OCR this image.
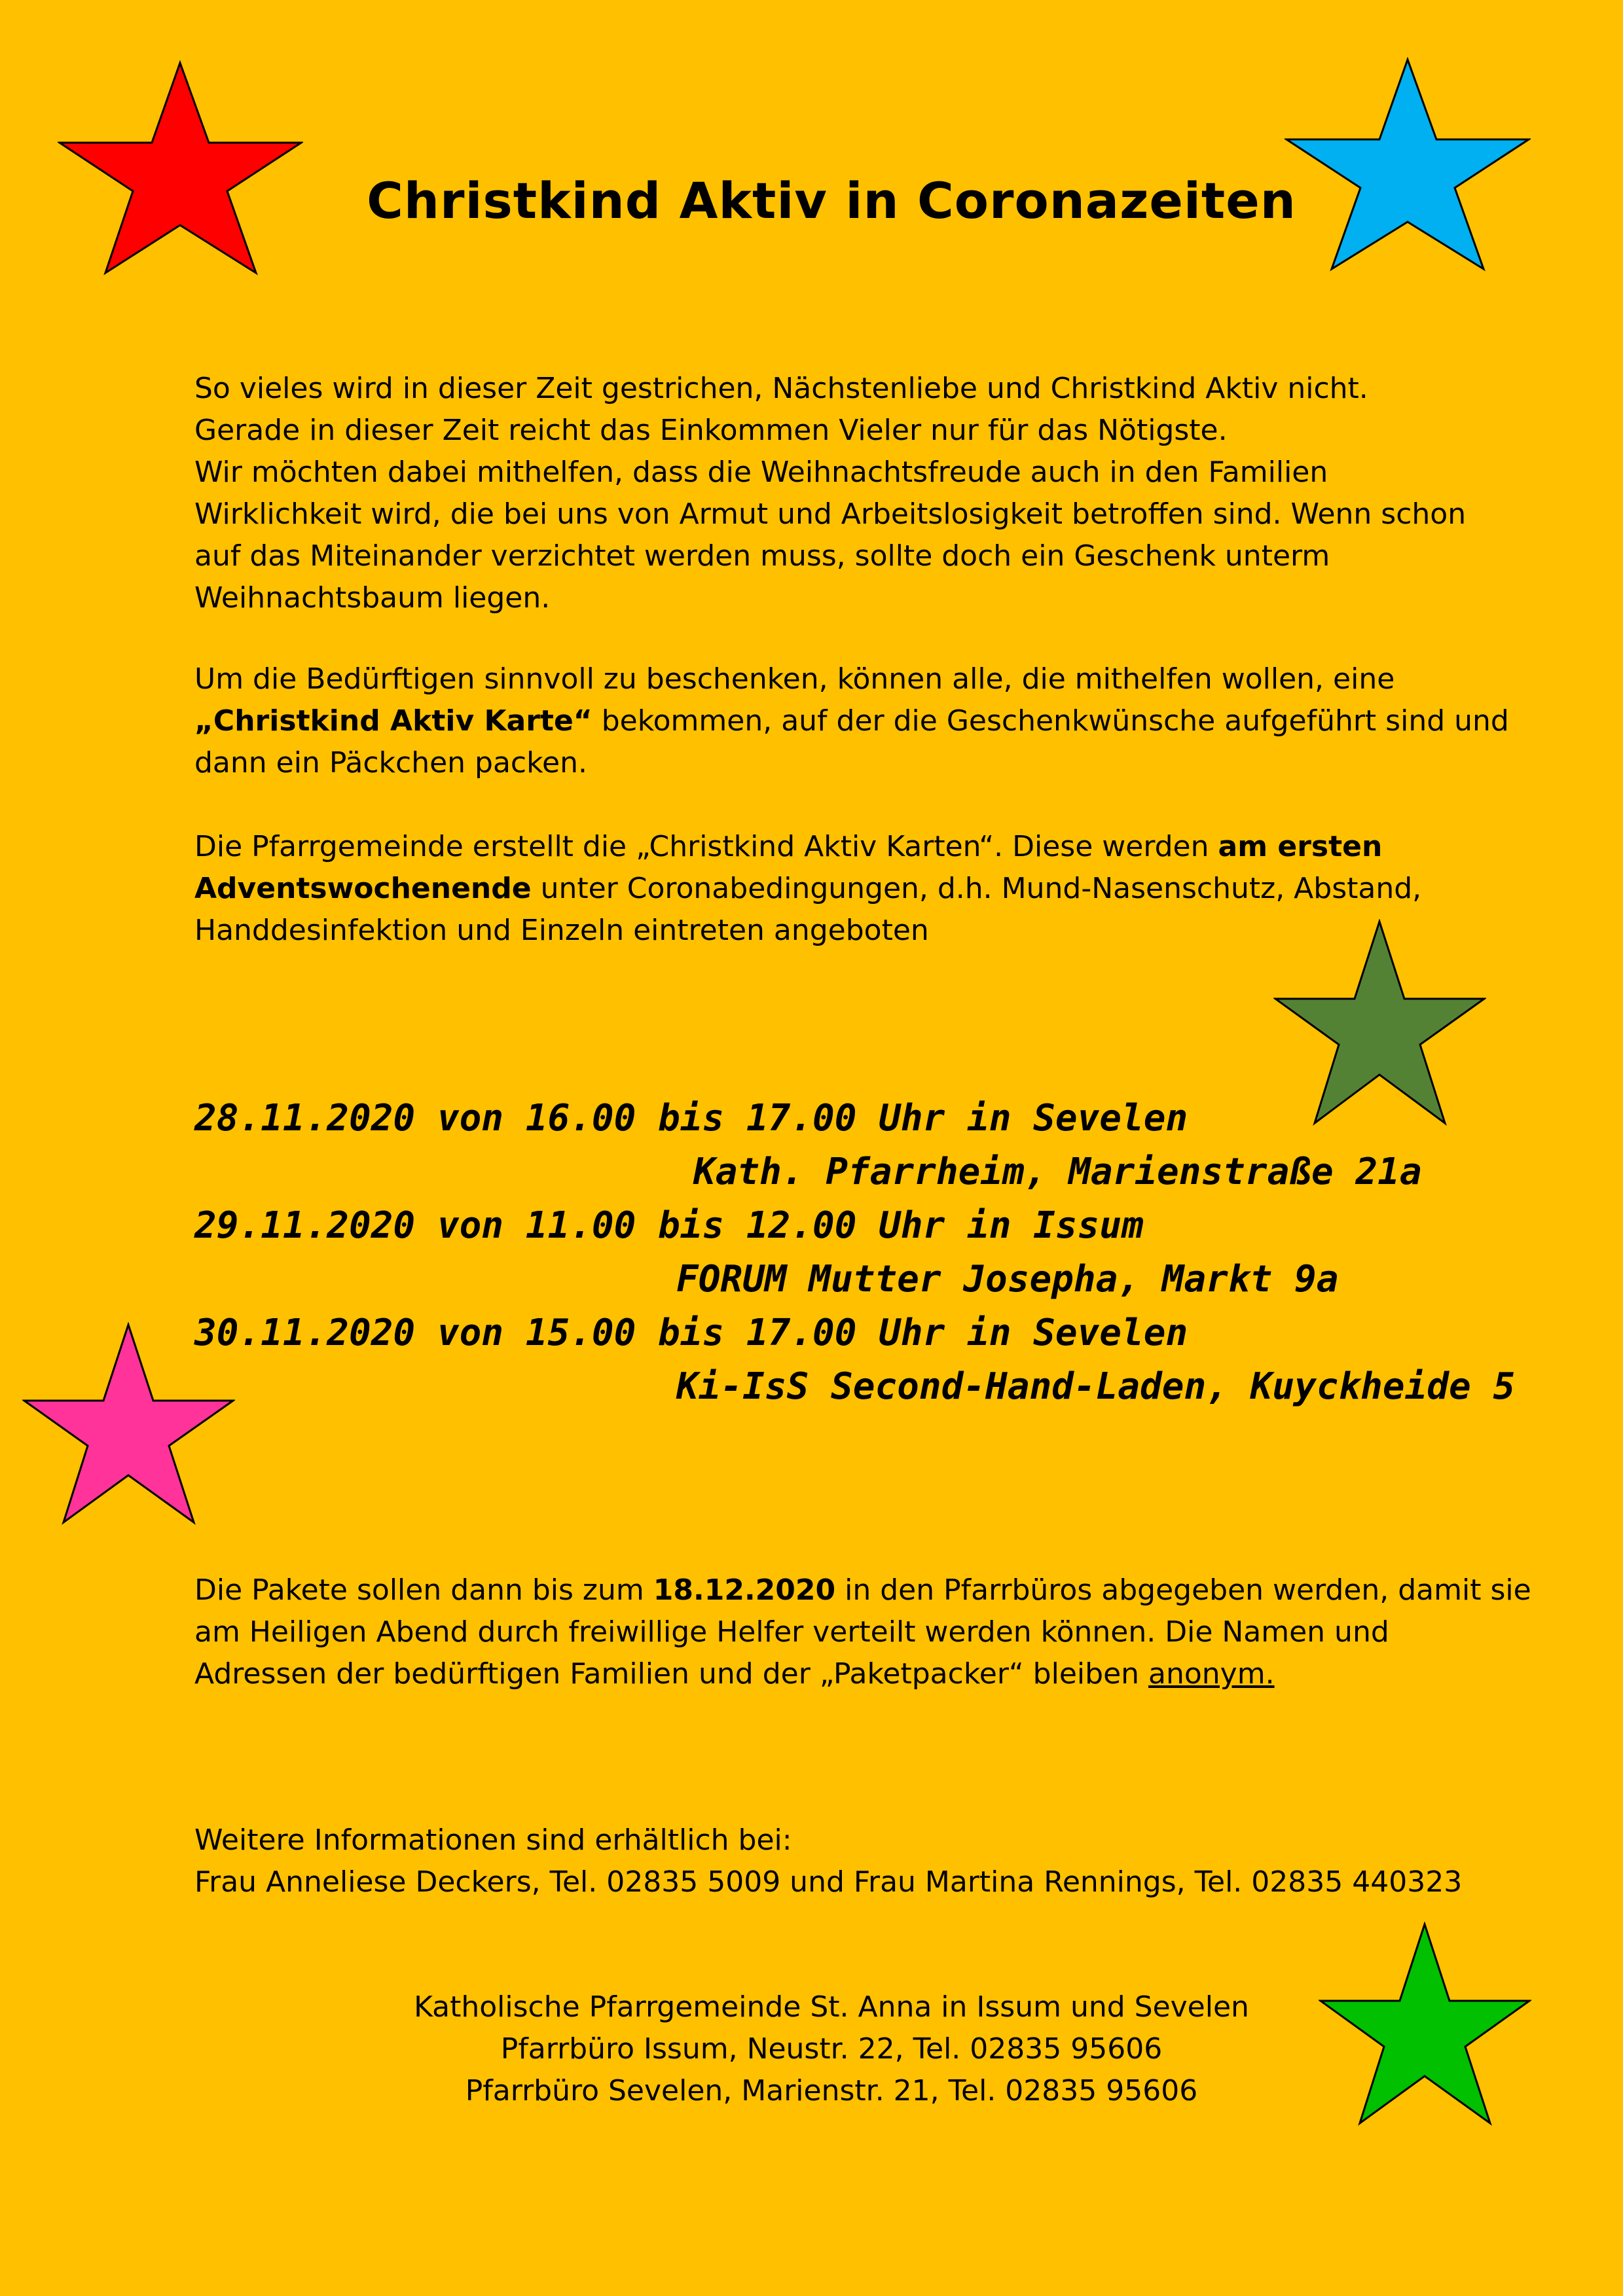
Christkind Aktiv in Coronazeiten

So vieles wird in dieser Zeit gestrichen, Nächstenliebe und Christkind Aktiv nicht.

Gerade in dieser Zeit reicht das Einkommen Vieler nur für das Nötigste.

Wir möchten dabei mithelfen, dass die Weihnachtsfreude auch in den Familien

Wirklichkeit wird, die bei uns von Armut und Arbeitslosigkeit betroffen sind. Wenn schon

auf das Miteinander verzichtet werden muss, sollte doch ein Geschenk unterm

Weihnachtsbaum liegen.

Um die Bedürftigen sinnvoll zu beschenken, können alle, die mithelfen wollen, eine

„Christkind Aktiv Karte“ bekommen, auf der die Geschenkwünsche aufgeführt sind und

dann ein Päckchen packen.

Die Pfarrgemeinde erstellt die „Christkind Aktiv Karten“. Diese werden am ersten

Adventswochenende unter Coronabedingungen, d.h. Mund-Nasenschutz, Abstand,

Handdesinfektion und Einzeln eintreten angeboten

28.11.2020 von 16.00 bis 17.00 Uhr in Sevelen

Kath. Pfarrheim, Marienstraße 21a

29.11.2020 von 11.00 bis 12.00 Uhr in Issum

FORUM Mutter Josepha, Markt 9a

30.11.2020 von 15.00 bis 17.00 Uhr in Sevelen

Ki-IsS Second-Hand-Laden, Kuyckheide 5

Die Pakete sollen dann bis zum 18.12.2020 in den Pfarrbüros abgegeben werden, damit sie

am Heiligen Abend durch freiwillige Helfer verteilt werden können. Die Namen und

Adressen der bedürftigen Familien und der „Paketpacker“ bleiben anonym.

Weitere Informationen sind erhältlich bei:

Frau Anneliese Deckers, Tel. 02835 5009 und Frau Martina Rennings, Tel. 02835 440323

Katholische Pfarrgemeinde St. Anna in Issum und Sevelen

Pfarrbüro Issum, Neustr. 22, Tel. 02835 95606

Pfarrbüro Sevelen, Marienstr. 21, Tel. 02835 95606
